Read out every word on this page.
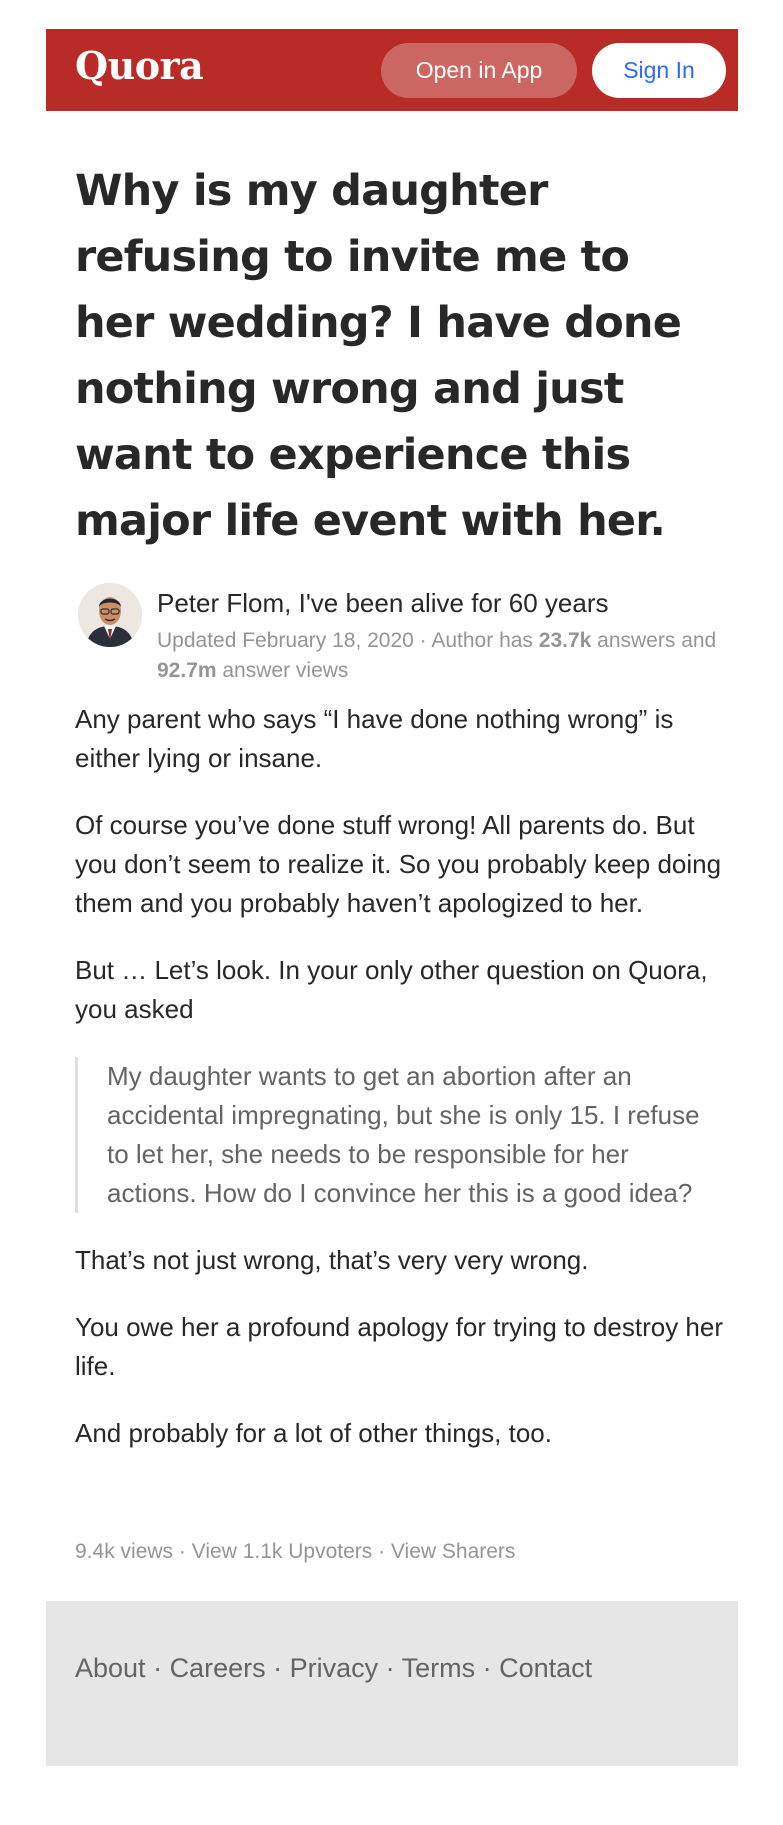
Quora	Open in App	Sign In
Why is my daughter refusing to invite me to her wedding? I have done nothing wrong and just want to experience this major life event with her.
Peter Flom, I've been alive for 60 years
Updated February 18, 2020 · Author has 23.7k answers and 92.7m answer views

Any parent who says “I have done nothing wrong” is either lying or insane.

Of course you’ve done stuff wrong! All parents do. But you don’t seem to realize it. So you probably keep doing them and you probably haven’t apologized to her.

But … Let’s look. In your only other question on Quora, you asked

My daughter wants to get an abortion after an accidental impregnating, but she is only 15. I refuse to let her, she needs to be responsible for her actions. How do I convince her this is a good idea?

That’s not just wrong, that’s very very wrong.

You owe her a profound apology for trying to destroy her life.

And probably for a lot of other things, too.

9.4k views · View 1.1k Upvoters · View Sharers
About · Careers · Privacy · Terms · Contact
